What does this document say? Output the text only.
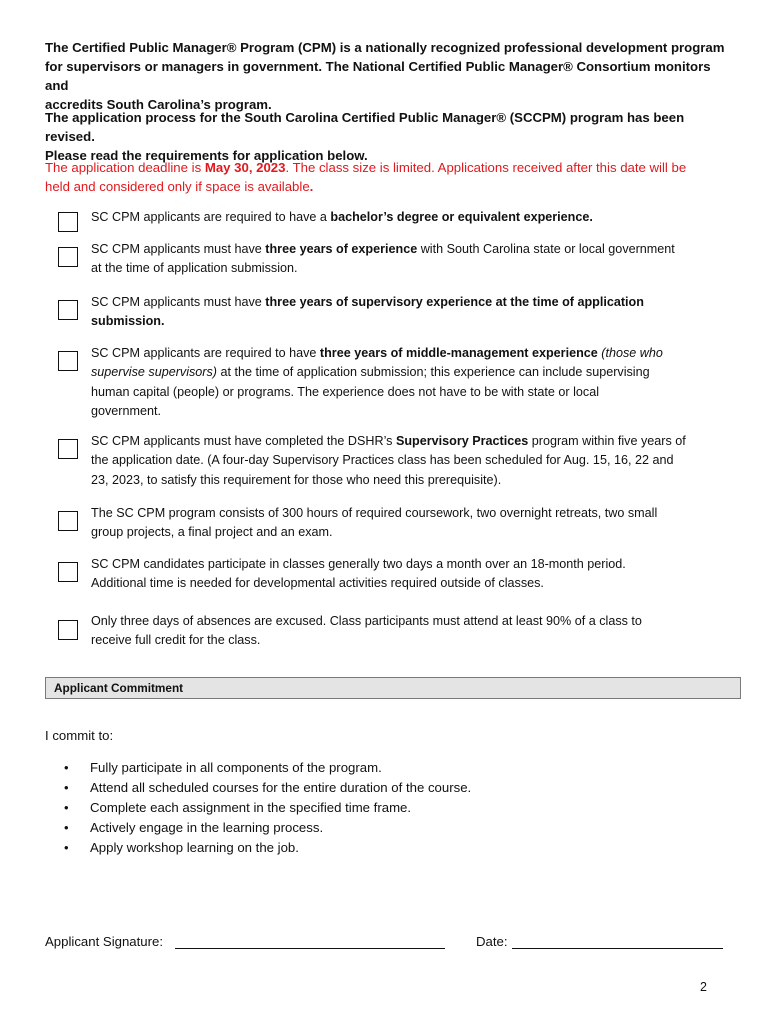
The Certified Public Manager® Program (CPM) is a nationally recognized professional development program
for supervisors or managers in government. The National Certified Public Manager® Consortium monitors and
accredits South Carolina’s program.
The application process for the South Carolina Certified Public Manager® (SCCPM) program has been revised.
Please read the requirements for application below.
The application deadline is May 30, 2023. The class size is limited. Applications received after this date will be
held and considered only if space is available.
SC CPM applicants are required to have a bachelor’s degree or equivalent experience.
SC CPM applicants must have three years of experience with South Carolina state or local government
at the time of application submission.
SC CPM applicants must have three years of supervisory experience at the time of application
submission.
SC CPM applicants are required to have three years of middle-management experience (those who
supervise supervisors) at the time of application submission; this experience can include supervising
human capital (people) or programs. The experience does not have to be with state or local
government.
SC CPM applicants must have completed the DSHR’s Supervisory Practices program within five years of
the application date. (A four-day Supervisory Practices class has been scheduled for Aug. 15, 16, 22 and
23, 2023, to satisfy this requirement for those who need this prerequisite).
The SC CPM program consists of 300 hours of required coursework, two overnight retreats, two small
group projects, a final project and an exam.
SC CPM candidates participate in classes generally two days a month over an 18-month period.
Additional time is needed for developmental activities required outside of classes.
Only three days of absences are excused. Class participants must attend at least 90% of a class to
receive full credit for the class.
Applicant Commitment
I commit to:
• Fully participate in all components of the program.
• Attend all scheduled courses for the entire duration of the course.
• Complete each assignment in the specified time frame.
• Actively engage in the learning process.
• Apply workshop learning on the job.
Applicant Signature:	Date:
2
